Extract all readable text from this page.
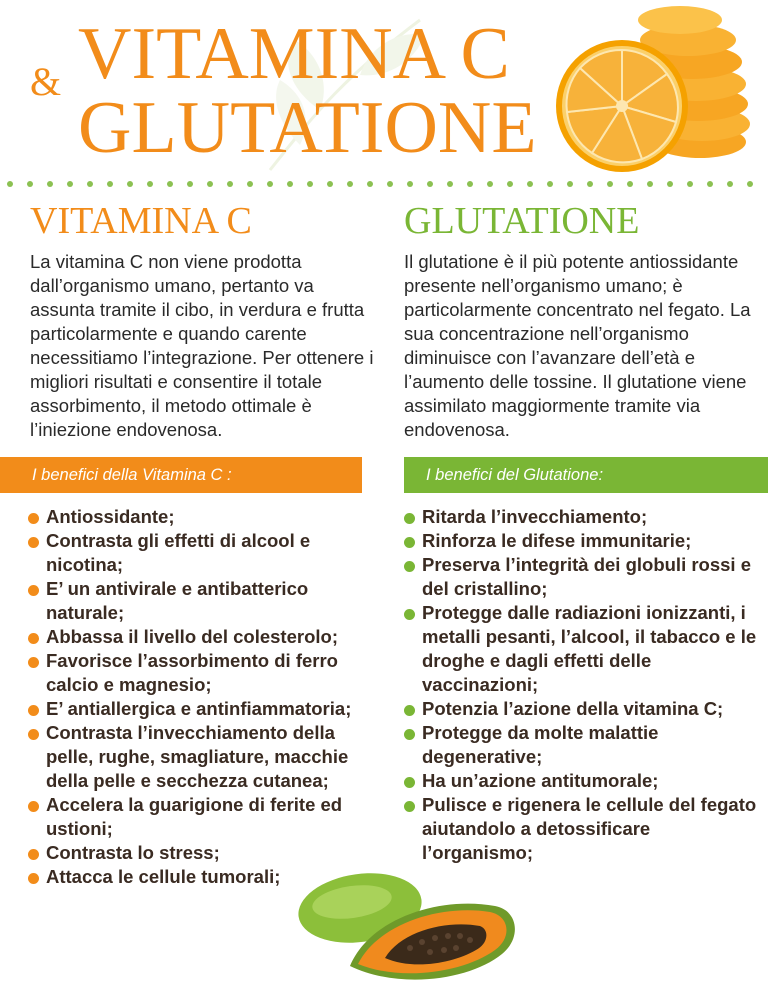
& VITAMINA C
GLUTATIONE
VITAMINA C
La vitamina C non viene prodotta dall’organismo umano, pertanto va assunta tramite il cibo, in verdura e frutta particolarmente e quando carente necessitiamo l’integrazione. Per ottenere i migliori risultati e consentire il totale assorbimento, il metodo ottimale è l’iniezione endovenosa.
GLUTATIONE
Il glutatione è il più potente antiossidante presente nell’organismo umano; è particolarmente concentrato nel fegato. La sua concentrazione nell’organismo diminuisce con l’avanzare dell’età e l’aumento delle tossine. Il glutatione viene assimilato maggiormente tramite via endovenosa.
I benefici della Vitamina C :	I benefici del Glutatione:
Antiossidante;
Contrasta gli effetti di alcool e nicotina;
E’ un antivirale e antibatterico naturale;
Abbassa il livello del colesterolo;
Favorisce l’assorbimento di ferro calcio e magnesio;
E’ antiallergica e antinfiammatoria;
Contrasta l’invecchiamento della pelle, rughe, smagliature, macchie della pelle e secchezza cutanea;
Accelera la guarigione di ferite ed ustioni;
Contrasta lo stress;
Attacca le cellule tumorali;
Ritarda l’invecchiamento;
Rinforza le difese immunitarie;
Preserva l’integrità dei globuli rossi e del cristallino;
Protegge dalle radiazioni ionizzanti, i metalli pesanti, l’alcool, il tabacco e le droghe e dagli effetti delle vaccinazioni;
Potenzia l’azione della vitamina C;
Protegge da molte malattie degenerative;
Ha un’azione antitumorale;
Pulisce e rigenera le cellule del fegato aiutandolo a detossificare l’organismo;
